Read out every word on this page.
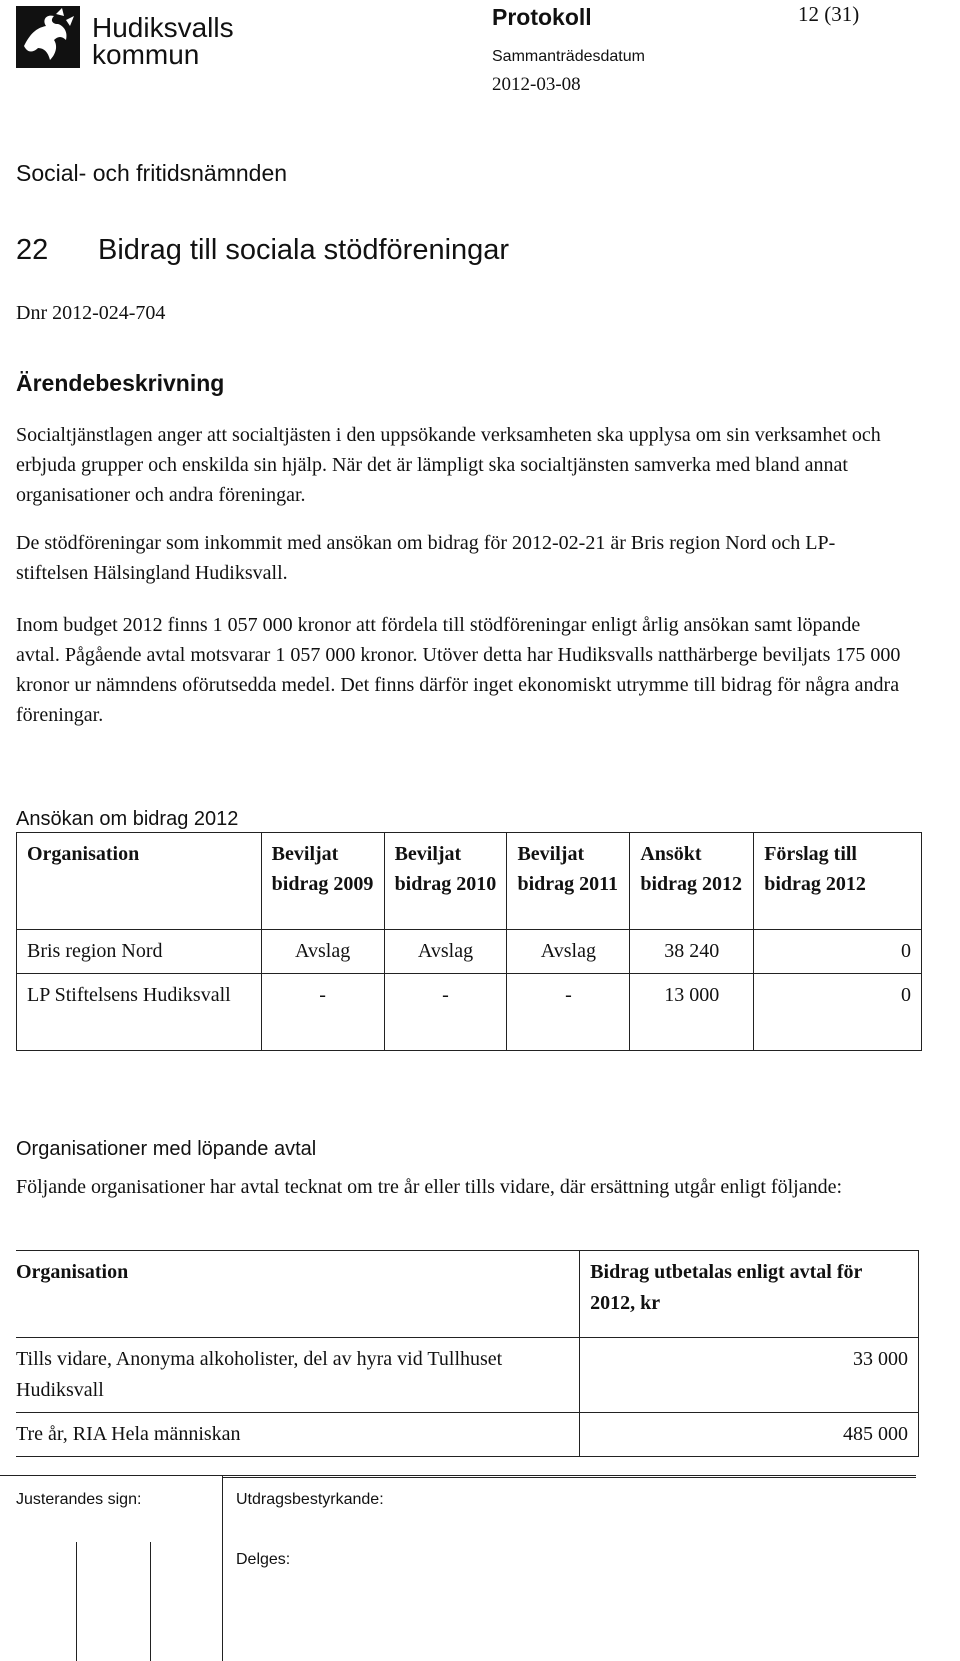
Hudiksvalls
kommun
Protokoll	12 (31)
Sammanträdesdatum
2012-03-08
Social- och fritidsnämnden
22 Bidrag till sociala stödföreningar
Dnr 2012-024-704
Ärendebeskrivning

Socialtjänstlagen anger att socialtjästen i den uppsökande verksamheten ska upplysa om sin verksamhet och erbjuda grupper och enskilda sin hjälp. När det är lämpligt ska socialtjänsten samverka med bland annat organisationer och andra föreningar.

De stödföreningar som inkommit med ansökan om bidrag för 2012-02-21 är Bris region Nord och LP-stiftelsen Hälsingland Hudiksvall.

Inom budget 2012 finns 1 057 000 kronor att fördela till stödföreningar enligt årlig ansökan samt löpande avtal. Pågående avtal motsvarar 1 057 000 kronor. Utöver detta har Hudiksvalls natthärberge beviljats 175 000 kronor ur nämndens oförutsedda medel. Det finns därför inget ekonomiskt utrymme till bidrag för några andra föreningar.

Ansökan om bidrag 2012
Organisation	Beviljat bidrag 2009	Beviljat bidrag 2010	Beviljat bidrag 2011	Ansökt bidrag 2012	Förslag till bidrag 2012
Bris region Nord	Avslag	Avslag	Avslag	38 240	0
LP Stiftelsens Hudiksvall	-	-	-	13 000	0
Organisationer med löpande avtal

Följande organisationer har avtal tecknat om tre år eller tills vidare, där ersättning utgår enligt följande:

Organisation	Bidrag utbetalas enligt avtal för 2012, kr
Tills vidare, Anonyma alkoholister, del av hyra vid Tullhuset Hudiksvall	33 000
Tre år, RIA Hela människan	485 000
Justerandes sign:	Utdragsbestyrkande:
Delges:
